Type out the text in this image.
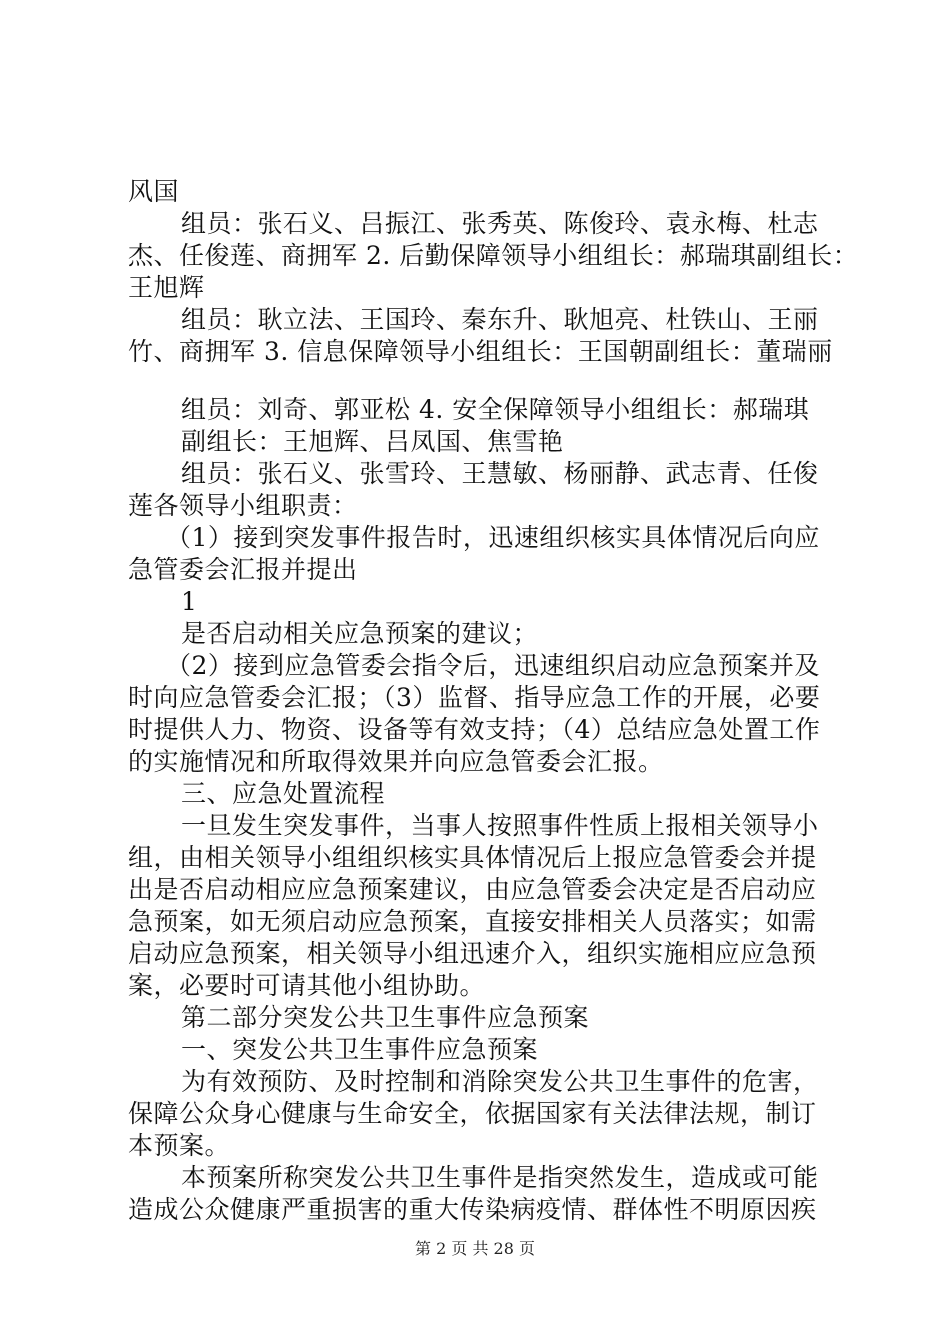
风国
组员：张石义、吕振江、张秀英、陈俊玲、袁永梅、杜志
杰、任俊莲、商拥军 2. 后勤保障领导小组组长：郝瑞琪副组长：
王旭辉
组员：耿立法、王国玲、秦东升、耿旭亮、杜铁山、王丽
竹、商拥军 3. 信息保障领导小组组长：王国朝副组长：董瑞丽
组员：刘奇、郭亚松 4. 安全保障领导小组组长：郝瑞琪
副组长：王旭辉、吕凤国、焦雪艳
组员：张石义、张雪玲、王慧敏、杨丽静、武志青、任俊
莲各领导小组职责：
（1）接到突发事件报告时，迅速组织核实具体情况后向应
急管委会汇报并提出
1
是否启动相关应急预案的建议；
（2）接到应急管委会指令后，迅速组织启动应急预案并及
时向应急管委会汇报；（3）监督、指导应急工作的开展，必要
时提供人力、物资、设备等有效支持；（4）总结应急处置工作
的实施情况和所取得效果并向应急管委会汇报。
三、应急处置流程
一旦发生突发事件，当事人按照事件性质上报相关领导小
组，由相关领导小组组织核实具体情况后上报应急管委会并提
出是否启动相应应急预案建议，由应急管委会决定是否启动应
急预案，如无须启动应急预案，直接安排相关人员落实；如需
启动应急预案，相关领导小组迅速介入，组织实施相应应急预
案，必要时可请其他小组协助。
第二部分突发公共卫生事件应急预案
一、突发公共卫生事件应急预案
为有效预防、及时控制和消除突发公共卫生事件的危害，
保障公众身心健康与生命安全，依据国家有关法律法规，制订
本预案。
本预案所称突发公共卫生事件是指突然发生，造成或可能
造成公众健康严重损害的重大传染病疫情、群体性不明原因疾
第 2 页 共 28 页
